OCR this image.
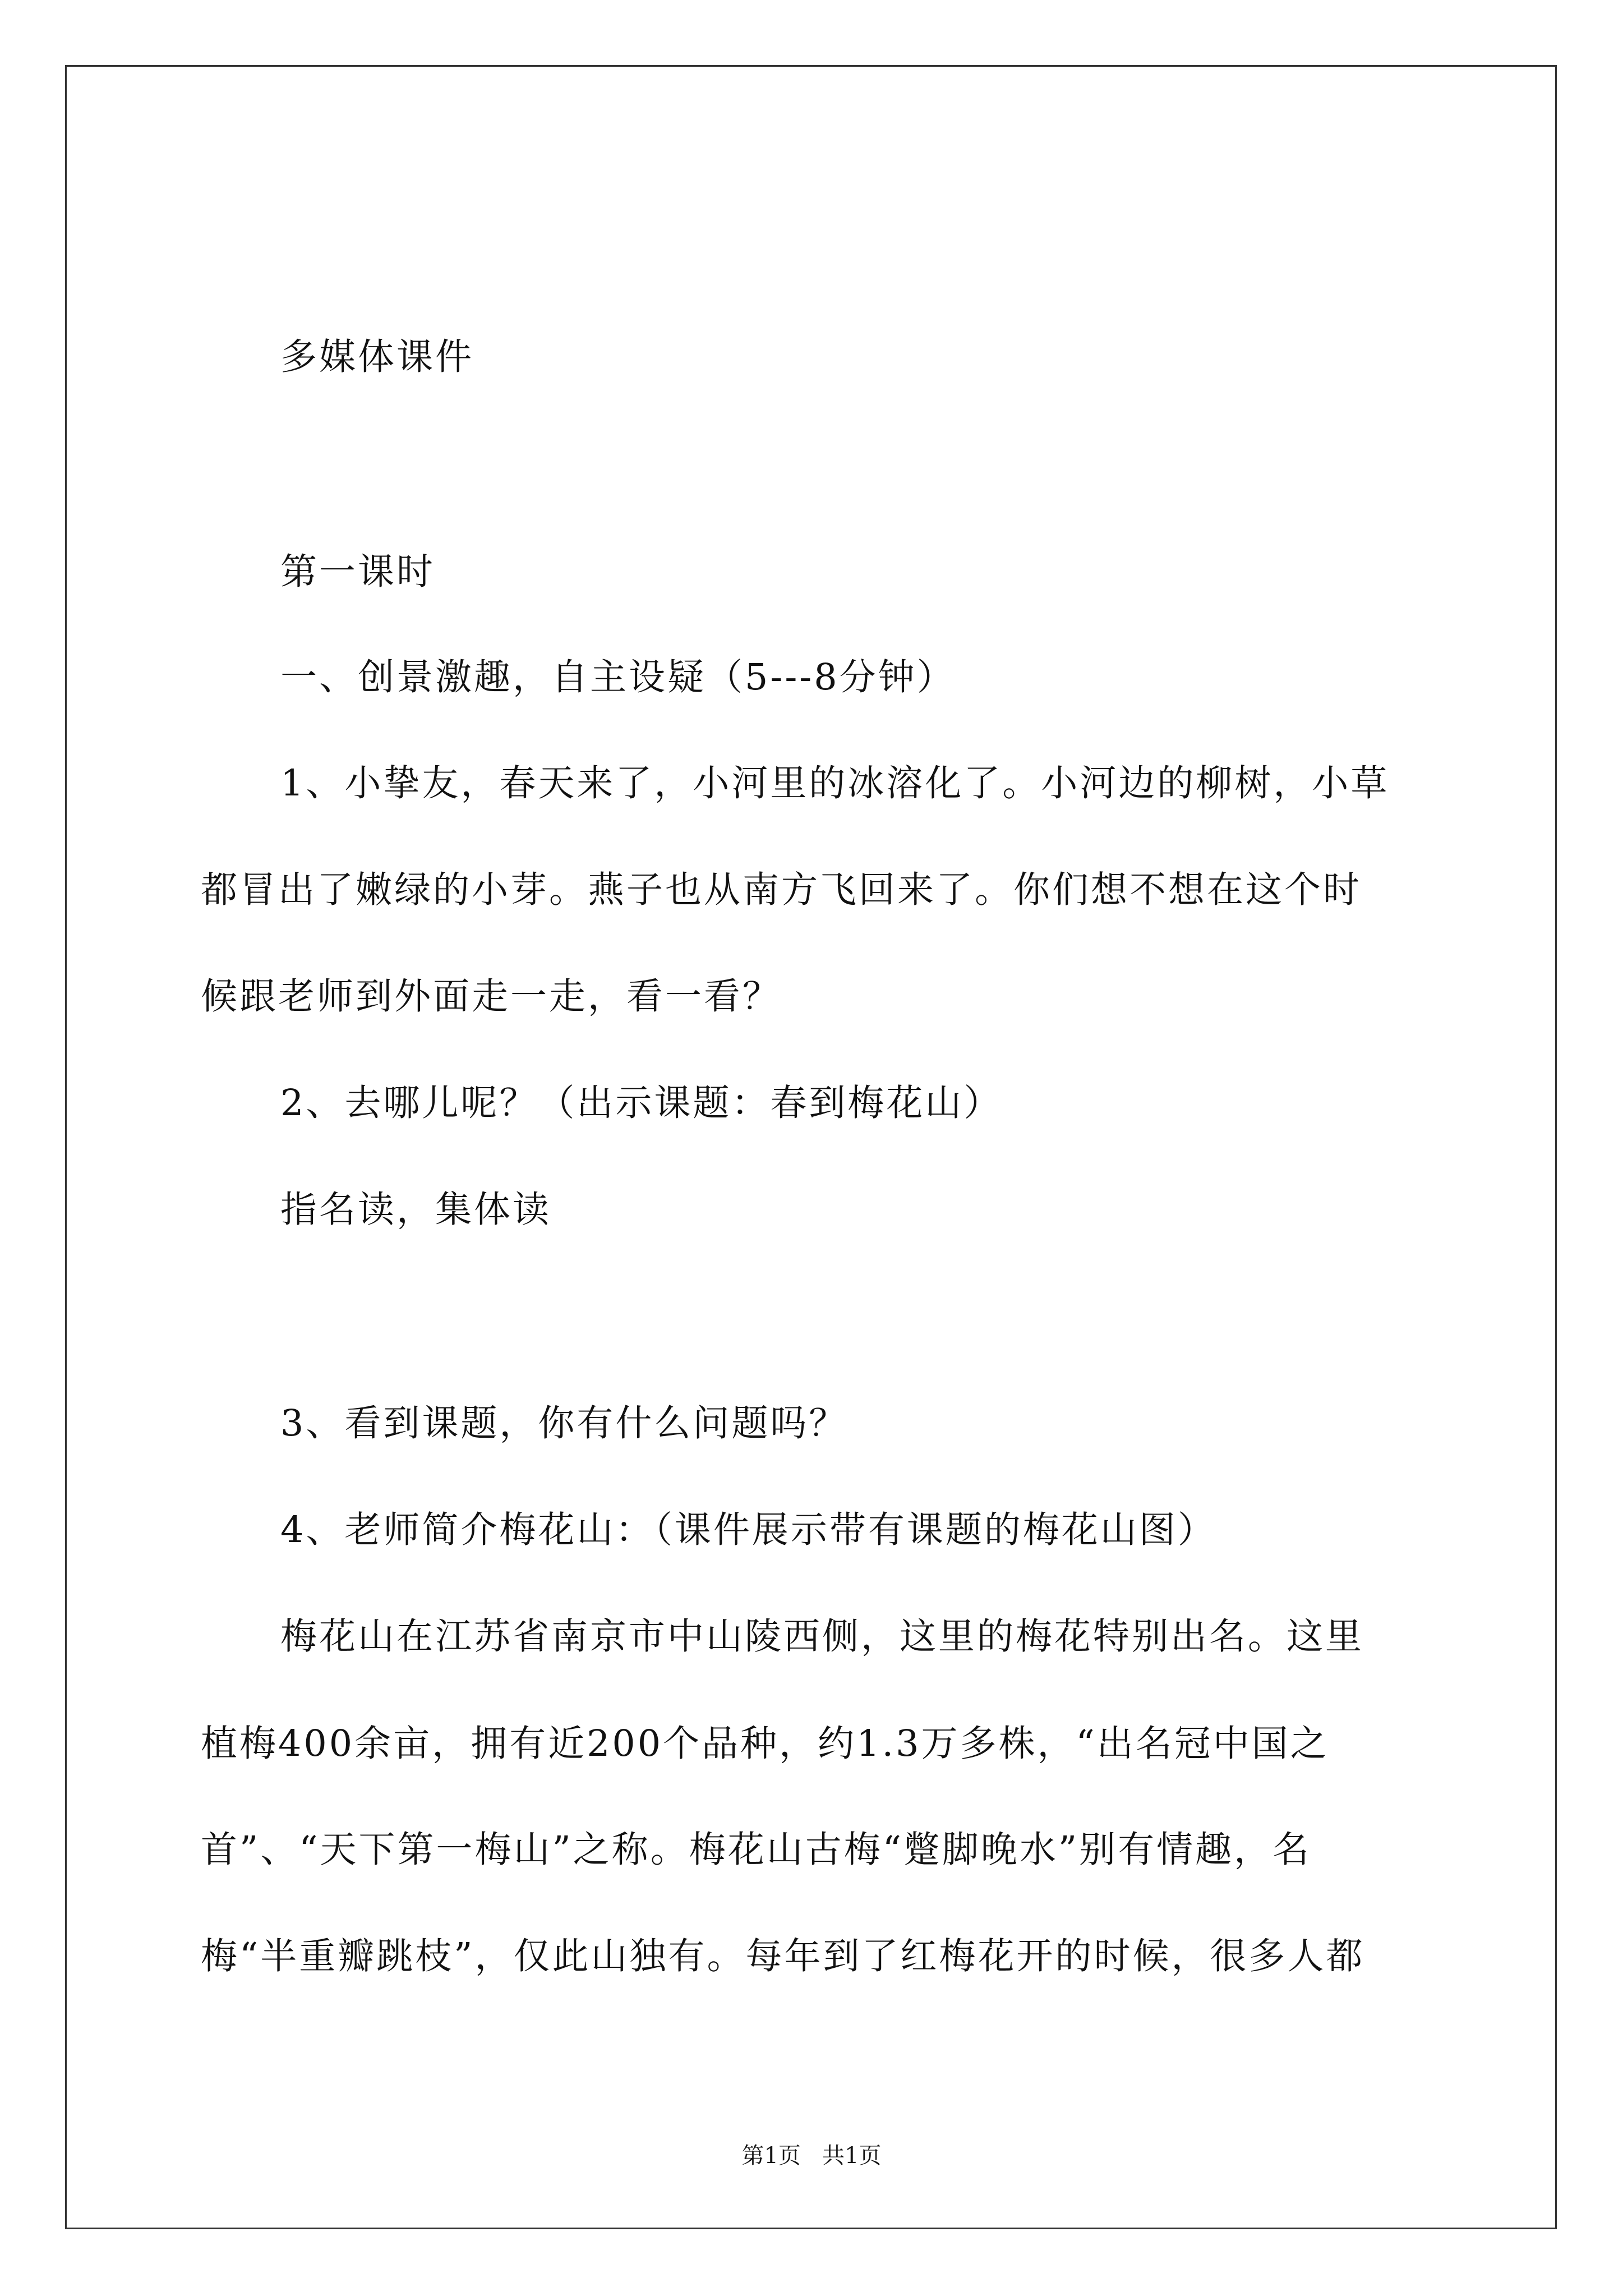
多媒体课件

第一课时

一、创景激趣，自主设疑（5---8分钟）

1、小挚友，春天来了，小河里的冰溶化了。小河边的柳树，小草

都冒出了嫩绿的小芽。燕子也从南方飞回来了。你们想不想在这个时

候跟老师到外面走一走，看一看？

2、去哪儿呢？（出示课题：春到梅花山）

指名读，集体读

3、看到课题，你有什么问题吗？

4、老师简介梅花山：（课件展示带有课题的梅花山图）

梅花山在江苏省南京市中山陵西侧，这里的梅花特别出名。这里

植梅400余亩，拥有近200个品种，约1.3万多株，“出名冠中国之

首”、“天下第一梅山”之称。梅花山古梅“蹩脚晚水”别有情趣，名

梅“半重瓣跳枝”，仅此山独有。每年到了红梅花开的时候，很多人都

第1页   共1页
